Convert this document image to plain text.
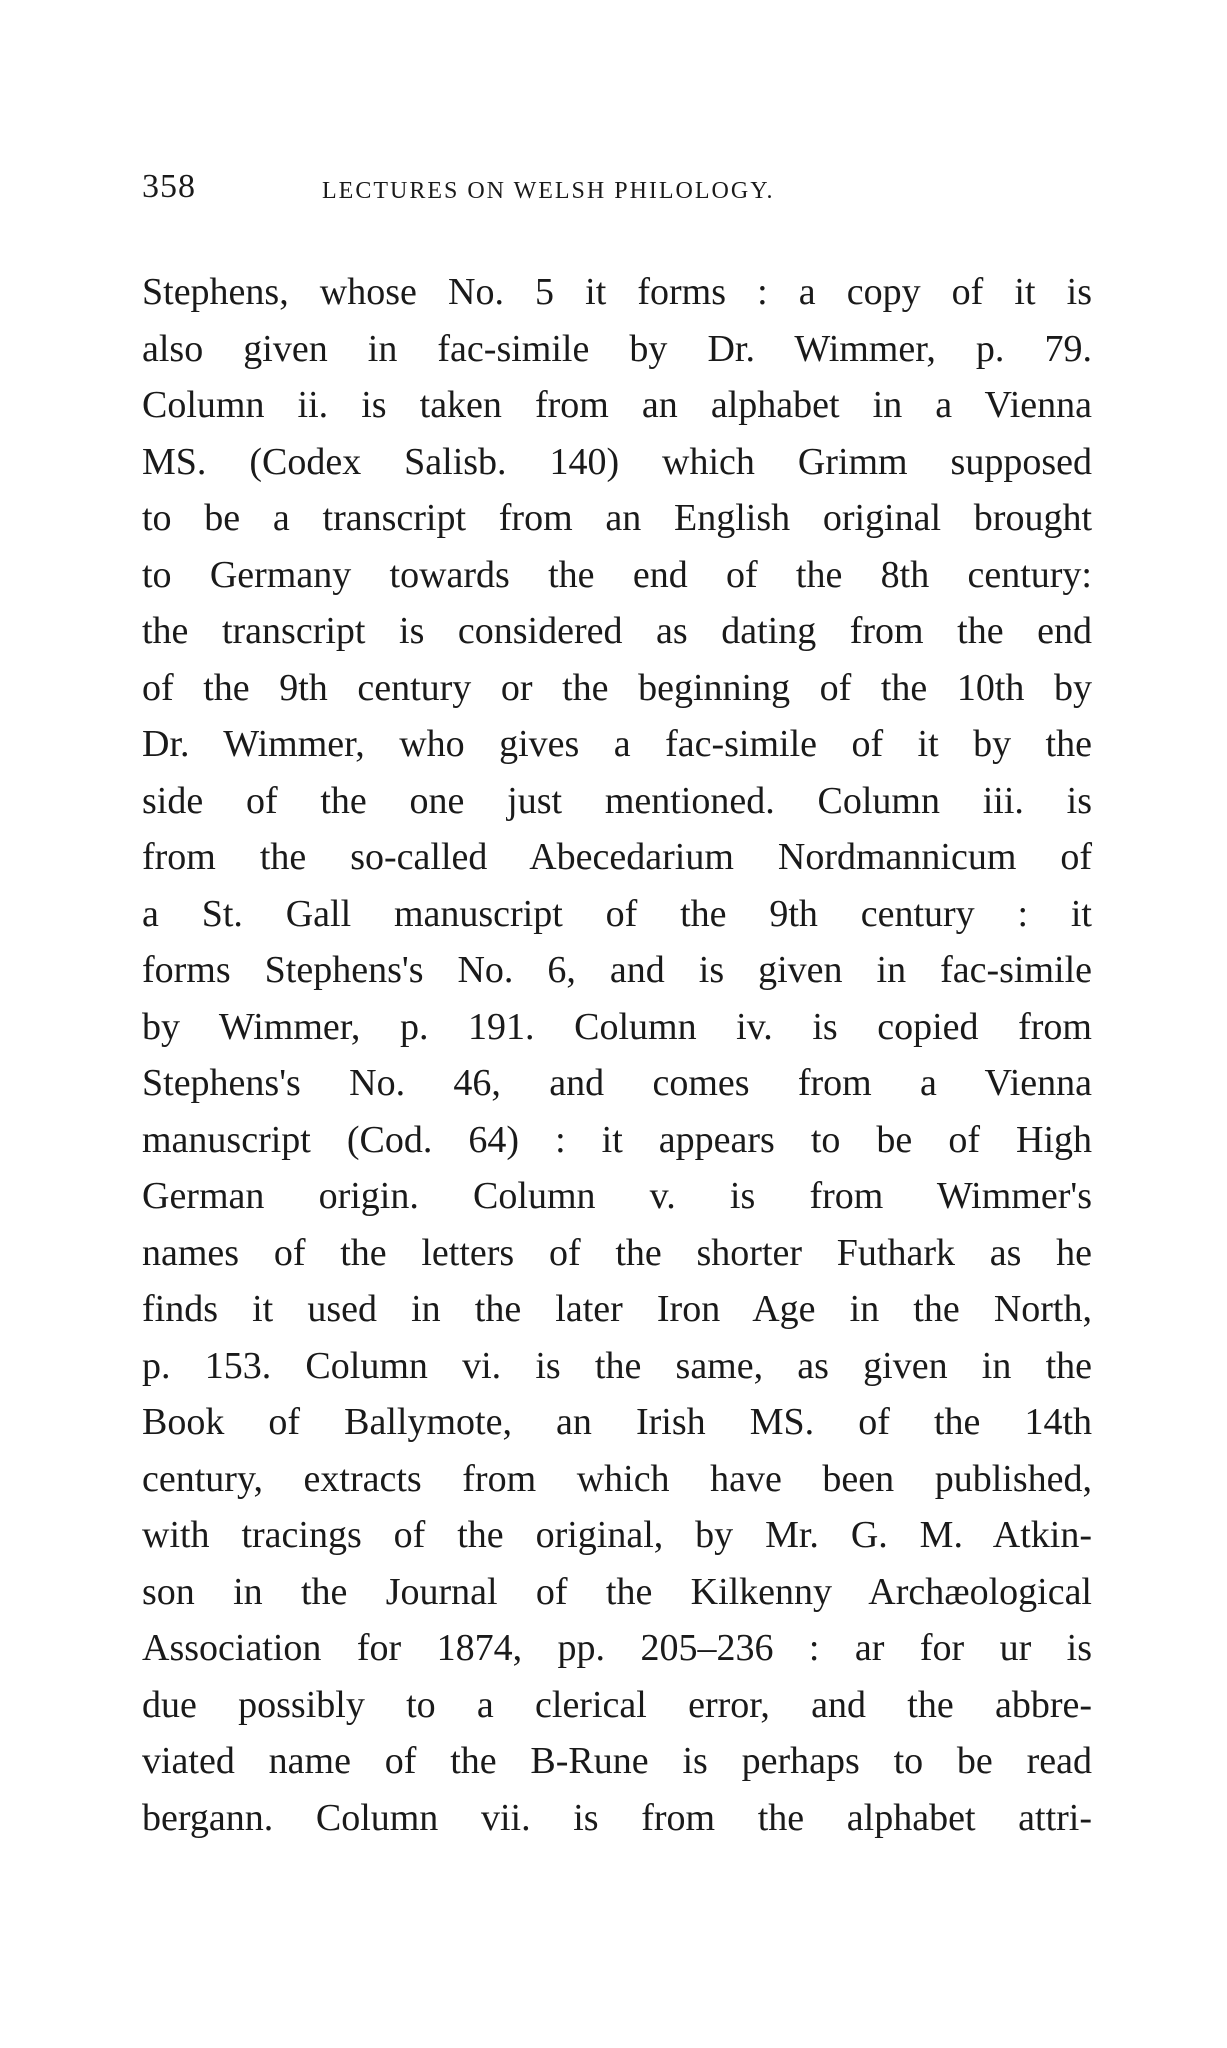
358	LECTURES ON WELSH PHILOLOGY.
Stephens, whose No. 5 it forms : a copy of it is
also given in fac-simile by Dr. Wimmer, p. 79.
Column ii. is taken from an alphabet in a Vienna
MS. (Codex Salisb. 140) which Grimm supposed
to be a transcript from an English original brought
to Germany towards the end of the 8th century:
the transcript is considered as dating from the end
of the 9th century or the beginning of the 10th by
Dr. Wimmer, who gives a fac-simile of it by the
side of the one just mentioned. Column iii. is
from the so-called Abecedarium Nordmannicum of
a St. Gall manuscript of the 9th century : it
forms Stephens's No. 6, and is given in fac-simile
by Wimmer, p. 191. Column iv. is copied from
Stephens's No. 46, and comes from a Vienna
manuscript (Cod. 64) : it appears to be of High
German origin. Column v. is from Wimmer's
names of the letters of the shorter Futhark as he
finds it used in the later Iron Age in the North,
p. 153. Column vi. is the same, as given in the
Book of Ballymote, an Irish MS. of the 14th
century, extracts from which have been published,
with tracings of the original, by Mr. G. M. Atkin-
son in the Journal of the Kilkenny Archæological
Association for 1874, pp. 205–236 : ar for ur is
due possibly to a clerical error, and the abbre-
viated name of the B-Rune is perhaps to be read
bergann. Column vii. is from the alphabet attri-
